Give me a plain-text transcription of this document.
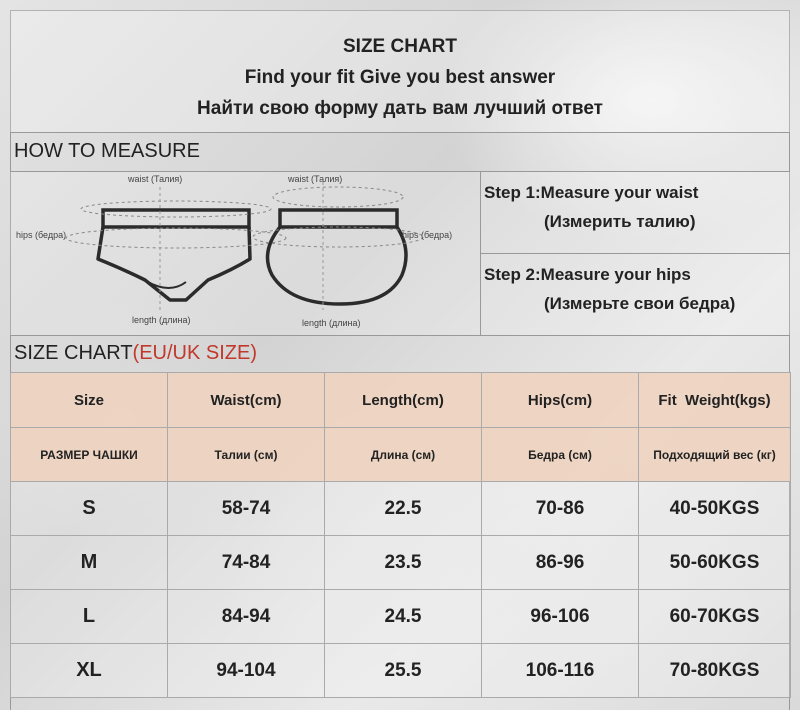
SIZE CHART
Find your fit Give you best answer
Найти свою форму дать вам лучший ответ
HOW TO MEASURE
waist (Талия)	waist (Талия)
hips (бедра)	hips (бедра)
length (длина)	length (длина)
Step 1:Measure your waist
(Измерить талию)
Step 2:Measure your hips
(Измерьте свои бедра)
SIZE CHART(EU/UK SIZE)
Size	Waist(cm)	Length(cm)	Hips(cm)	Fit  Weight(kgs)
РАЗМЕР ЧАШКИ	Талии (см)	Длина (см)	Бедра (см)	Подходящий вес (кг)
S	58-74	22.5	70-86	40-50KGS
M	74-84	23.5	86-96	50-60KGS
L	84-94	24.5	96-106	60-70KGS
XL	94-104	25.5	106-116	70-80KGS
